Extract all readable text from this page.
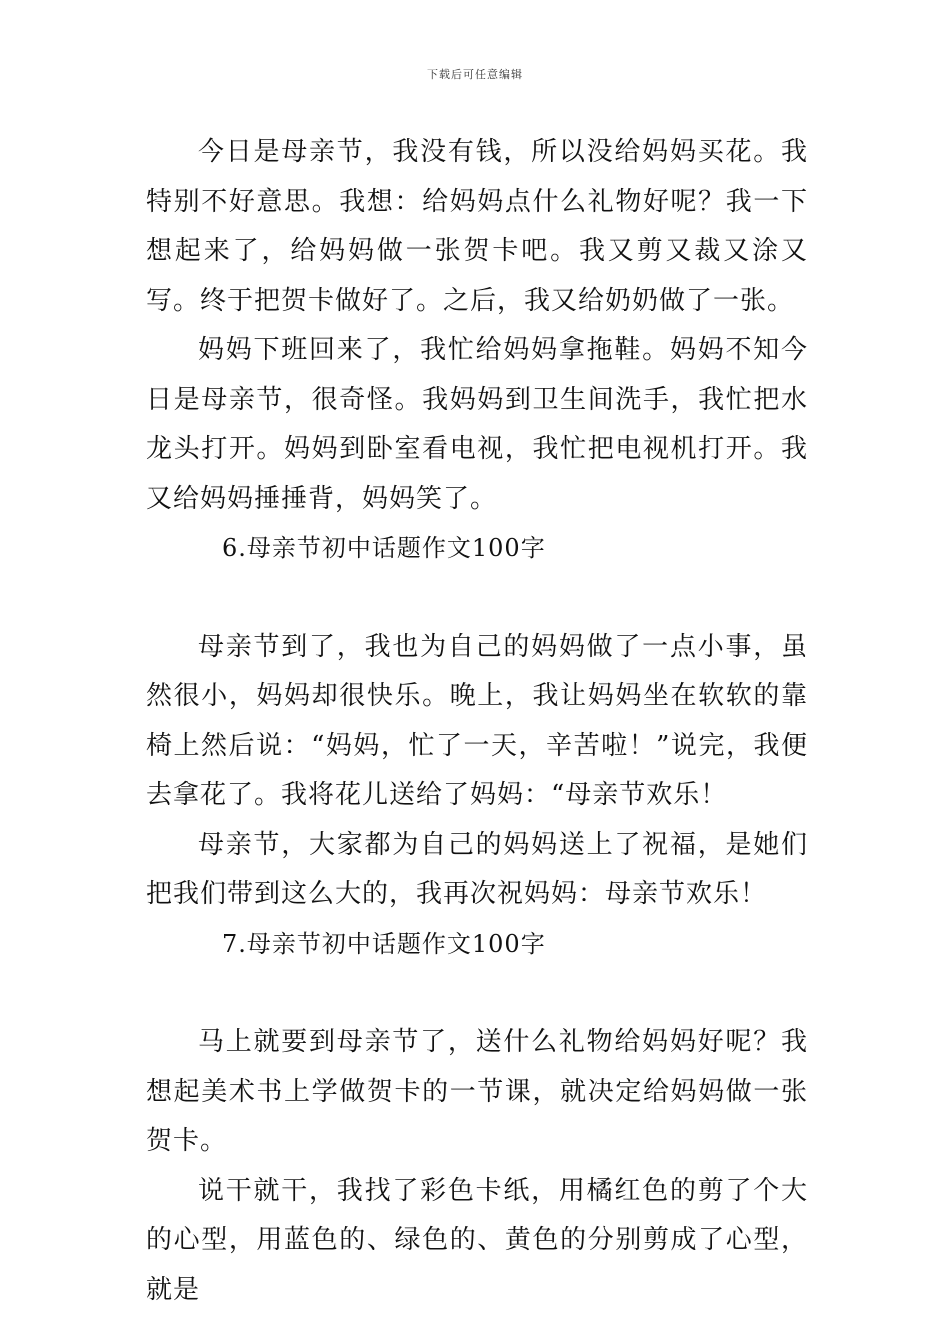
下载后可任意编辑

今日是母亲节，我没有钱，所以没给妈妈买花。我特别不好意思。我想：给妈妈点什么礼物好呢？我一下想起来了，给妈妈做一张贺卡吧。我又剪又裁又涂又写。终于把贺卡做好了。之后，我又给奶奶做了一张。

妈妈下班回来了，我忙给妈妈拿拖鞋。妈妈不知今日是母亲节，很奇怪。我妈妈到卫生间洗手，我忙把水龙头打开。妈妈到卧室看电视，我忙把电视机打开。我又给妈妈捶捶背，妈妈笑了。

6.母亲节初中话题作文100字

母亲节到了，我也为自己的妈妈做了一点小事，虽然很小，妈妈却很快乐。晚上，我让妈妈坐在软软的靠椅上然后说：“妈妈，忙了一天，辛苦啦！”说完，我便去拿花了。我将花儿送给了妈妈：“母亲节欢乐！

母亲节，大家都为自己的妈妈送上了祝福，是她们把我们带到这么大的，我再次祝妈妈：母亲节欢乐！

7.母亲节初中话题作文100字

马上就要到母亲节了，送什么礼物给妈妈好呢？我想起美术书上学做贺卡的一节课，就决定给妈妈做一张贺卡。

说干就干，我找了彩色卡纸，用橘红色的剪了个大的心型，用蓝色的、绿色的、黄色的分别剪成了心型，就是
